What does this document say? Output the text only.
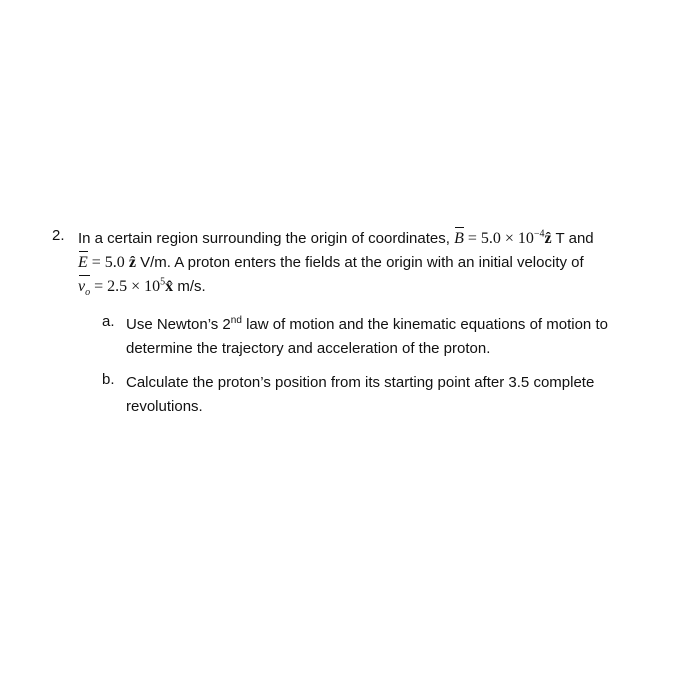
2. In a certain region surrounding the origin of coordinates, $B = 5.0 \times 10^{-4}ẑ$ T and
E = 5.0 ẑ V/m. A proton enters the fields at the origin with an initial velocity of
$v_o = 2.5$ × $10^5x̂$ m/s.
a. Use Newton’s 2nd law of motion and the kinematic equations of motion to determine the trajectory and acceleration of the proton.
b. Calculate the proton’s position from its starting point after 3.5 complete revolutions.
